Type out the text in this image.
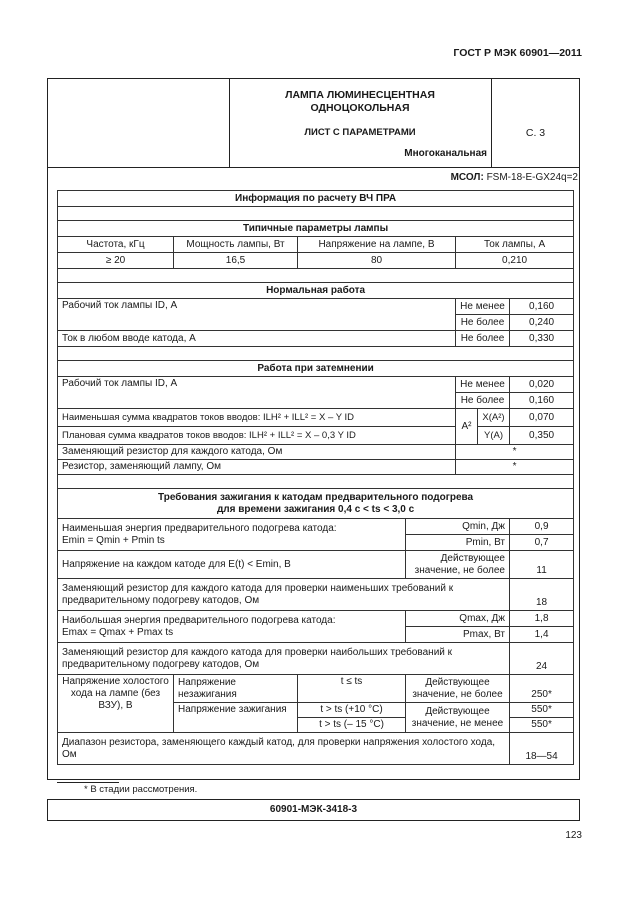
ГОСТ Р МЭК 60901—2011
ЛАМПА ЛЮМИНЕСЦЕНТНАЯ
ОДНОЦОКОЛЬНАЯ
ЛИСТ С ПАРАМЕТРАМИ	С. 3
Многоканальная
МСОЛ: FSM-18-E-GX24q=2
Информация по расчету ВЧ ПРА						

Типичные параметры лампы						
Частота, кГц	Мощность лампы, Вт	Напряжение на лампе, В		Ток лампы, А		
≥ 20	16,5	80		0,210		

Нормальная работа						
Рабочий ток лампы ID, А				Не менее		0,160
				Не более		0,240
Ток в любом вводе катода, А				Не более		0,330

Работа при затемнении						
Рабочий ток лампы ID, А				Не менее		0,020
				Не более		0,160
Наименьшая сумма квадратов токов вводов: ILH² + ILL² = X – Y ID				А²	X(A²)	0,070
Плановая сумма квадратов токов вводов: ILH² + ILL² = X – 0,3 Y ID					Y(A)	0,350
Заменяющий резистор для каждого катода, Ом				*		
Резистор, заменяющий лампу, Ом				*		

Требования зажигания к катодам предварительного подогрева
для времени зажигания 0,4 с < ts < 3,0 с						

Наименьшая энергия предварительного подогрева катода:
Emin = Qmin + Pmin ts			Qmin, Дж			0,9
			Pmin, Вт			0,7
Напряжение на каждом катоде для E(t) < Emin, В			Действующее значение, не более			11
Заменяющий резистор для каждого катода для проверки наименьших требований к предварительному подогреву катодов, Ом						18

Наибольшая энергия предварительного подогрева катода:
Emax = Qmax + Pmax ts			Qmax, Дж			1,8
			Pmax, Вт			1,4
Заменяющий резистор для каждого катода для проверки наибольших требований к предварительному подогреву катодов, Ом						24
Напряжение холостого хода на лампе (без ВЗУ), В	Напряжение незажигания	t ≤ ts	Действующее значение, не более			250*
	Напряжение зажигания	t > ts (+10 °C)	Действующее значение, не менее			550*
		t > ts (– 15 °C)				550*
Диапазон резистора, заменяющего каждый катод, для проверки напряжения холостого хода, Ом						18—54
* В стадии рассмотрения.
60901-МЭК-3418-3
123
